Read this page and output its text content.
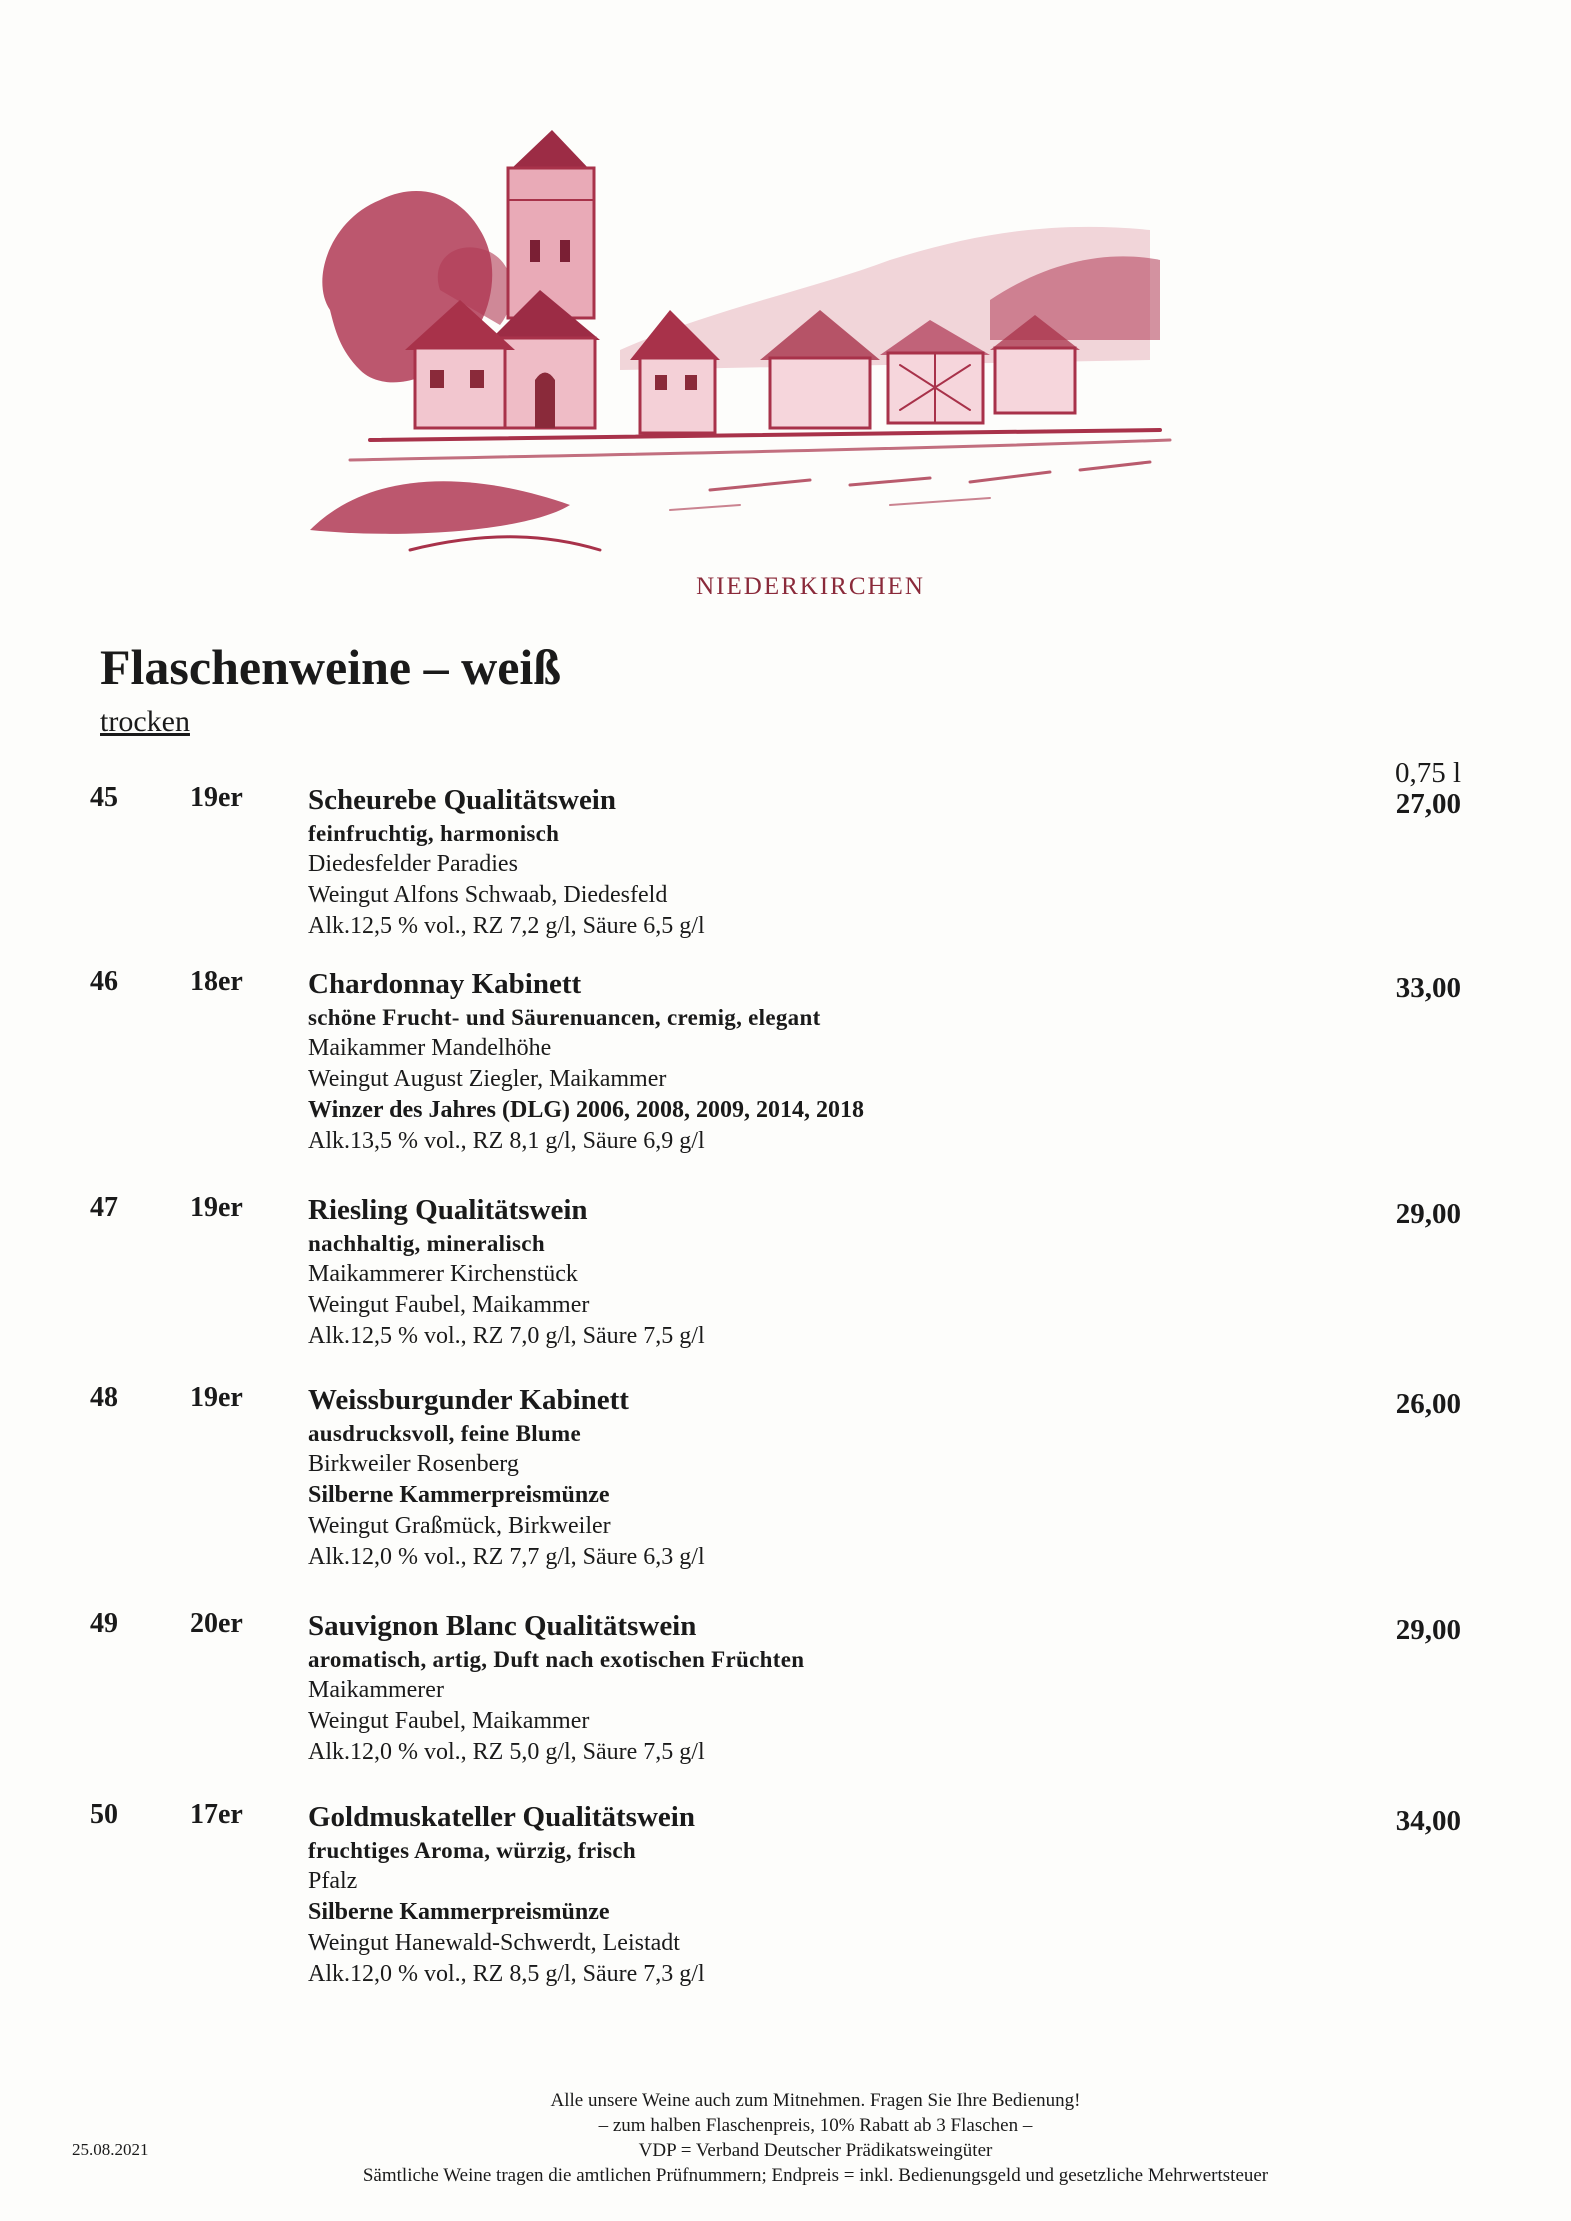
NIEDERKIRCHEN
Flaschenweine – weiß
trocken
0,75 l
45	19er Scheurebe Qualitätswein
feinfruchtig, harmonisch
Diedesfelder Paradies
Weingut Alfons Schwaab, Diedesfeld
Alk.12,5 % vol., RZ 7,2 g/l, Säure 6,5 g/l
27,00
46	18er Chardonnay Kabinett
schöne Frucht- und Säurenuancen, cremig, elegant
Maikammer Mandelhöhe
Weingut August Ziegler, Maikammer
Winzer des Jahres (DLG) 2006, 2008, 2009, 2014, 2018
Alk.13,5 % vol., RZ 8,1 g/l, Säure 6,9 g/l
33,00
47	19er Riesling Qualitätswein
nachhaltig, mineralisch
Maikammerer Kirchenstück
Weingut Faubel, Maikammer
Alk.12,5 % vol., RZ 7,0 g/l, Säure 7,5 g/l
29,00
48	19er Weissburgunder Kabinett
ausdrucksvoll, feine Blume
Birkweiler Rosenberg
Silberne Kammerpreismünze
Weingut Graßmück, Birkweiler
Alk.12,0 % vol., RZ 7,7 g/l, Säure 6,3 g/l
26,00
49	20er Sauvignon Blanc Qualitätswein
aromatisch, artig, Duft nach exotischen Früchten
Maikammerer
Weingut Faubel, Maikammer
Alk.12,0 % vol., RZ 5,0 g/l, Säure 7,5 g/l
29,00
50	17er Goldmuskateller Qualitätswein
fruchtiges Aroma, würzig, frisch
Pfalz
Silberne Kammerpreismünze
Weingut Hanewald-Schwerdt, Leistadt
Alk.12,0 % vol., RZ 8,5 g/l, Säure 7,3 g/l
34,00
Alle unsere Weine auch zum Mitnehmen. Fragen Sie Ihre Bedienung!
– zum halben Flaschenpreis, 10% Rabatt ab 3 Flaschen –
VDP = Verband Deutscher Prädikatsweingüter
Sämtliche Weine tragen die amtlichen Prüfnummern; Endpreis = inkl. Bedienungsgeld und gesetzliche Mehrwertsteuer
25.08.2021
